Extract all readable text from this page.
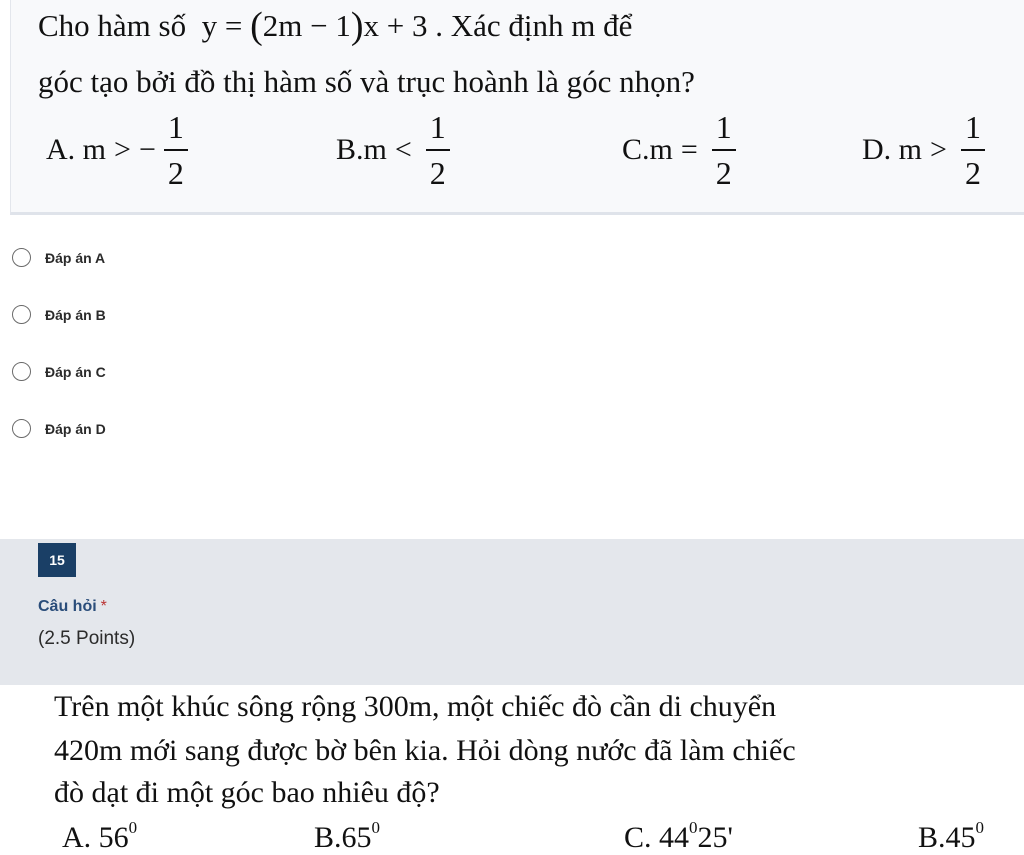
Cho hàm số y = (2m − 1)x + 3 . Xác định m để
góc tạo bởi đồ thị hàm số và trục hoành là góc nhọn?
A.
m > − $\frac{1}{2}$	B. $m < \frac{1}{2}$	C. $m = \frac{1}{2}$	D.
$m > \frac{1}{2}$
Đáp án A
Đáp án B
Đáp án C
Đáp án D
15
Câu hỏi *
(2.5 Points)
Trên một khúc sông rộng 300m, một chiếc đò cần di chuyển
420m mới sang được bờ bên kia. Hỏi dòng nước đã làm chiếc
đò dạt đi một góc bao nhiêu độ?
A. $56^0$	$B.65^0$	C. $44^025'$	$B.45^0$
